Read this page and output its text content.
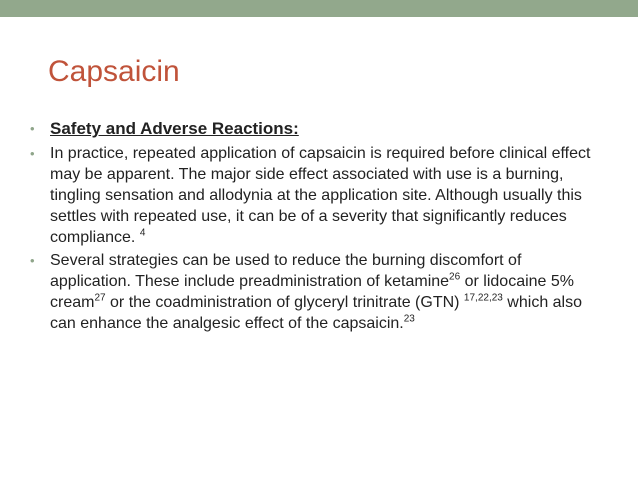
Capsaicin
• Safety and Adverse Reactions:
• In practice, repeated application of capsaicin is required before clinical effect may be apparent. The major side effect associated with use is a burning, tingling sensation and allodynia at the application site. Although usually this settles with repeated use, it can be of a severity that significantly reduces compliance. $^4$
• Several strategies can be used to reduce the burning discomfort of application. These include preadministration of ketamine$^{26}$ or lidocaine 5% cream$^{27}$ or the coadministration of glyceryl trinitrate (GTN) $^{17,22,23}$ which also can enhance the analgesic effect of the capsaicin.$^{23}$
